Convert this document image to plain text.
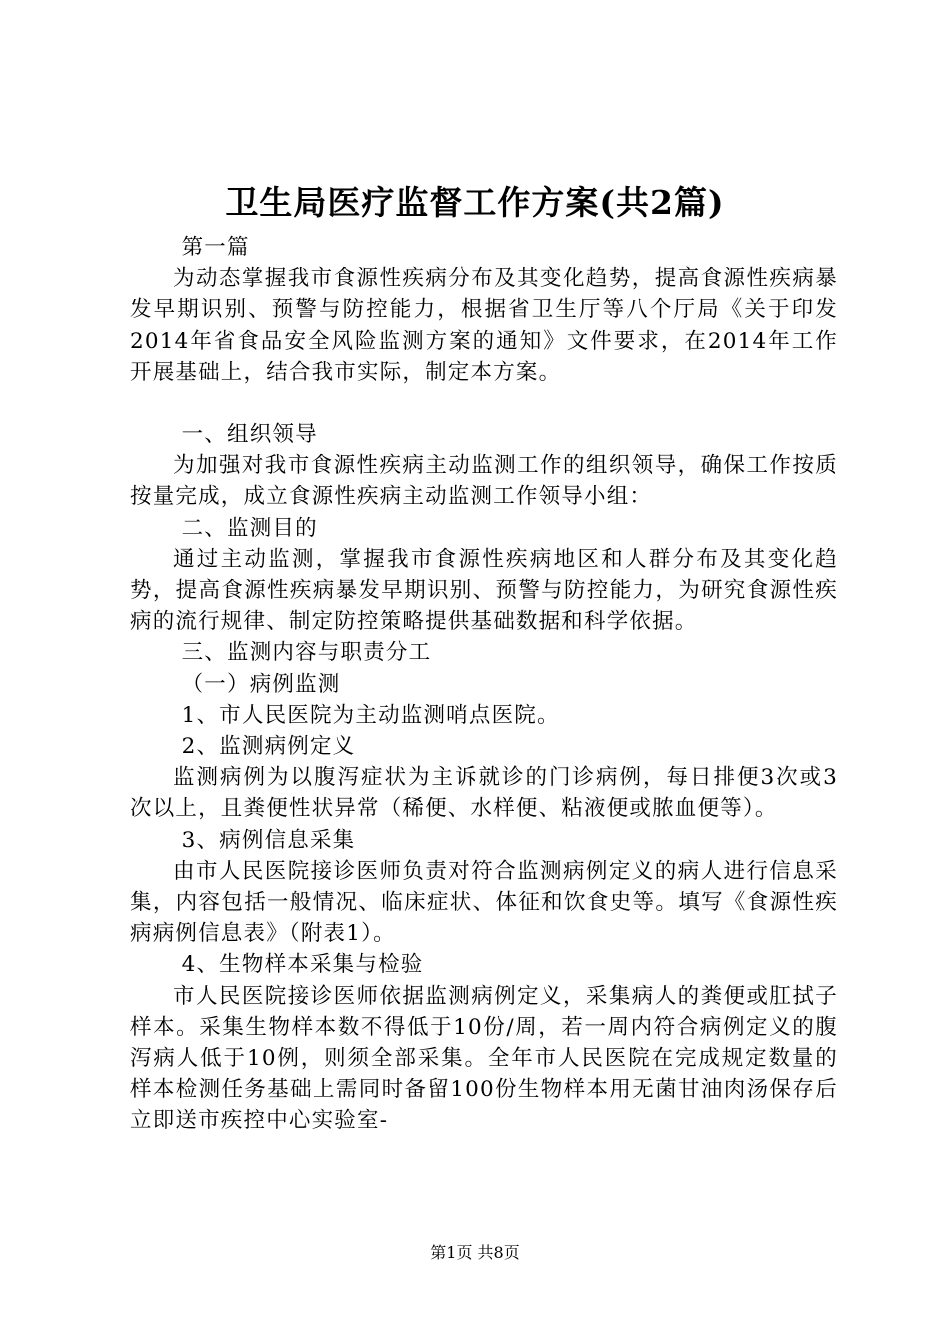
卫生局医疗监督工作方案(共2篇)

第一篇

为动态掌握我市食源性疾病分布及其变化趋势，提高食源性疾病暴发早期识别、预警与防控能力，根据省卫生厅等八个厅局《关于印发2014年省食品安全风险监测方案的通知》文件要求，在2014年工作开展基础上，结合我市实际，制定本方案。

一、组织领导

为加强对我市食源性疾病主动监测工作的组织领导，确保工作按质按量完成，成立食源性疾病主动监测工作领导小组：

二、监测目的

通过主动监测，掌握我市食源性疾病地区和人群分布及其变化趋势，提高食源性疾病暴发早期识别、预警与防控能力，为研究食源性疾病的流行规律、制定防控策略提供基础数据和科学依据。

三、监测内容与职责分工

（一）病例监测

1、市人民医院为主动监测哨点医院。

2、监测病例定义

监测病例为以腹泻症状为主诉就诊的门诊病例，每日排便3次或3次以上，且粪便性状异常（稀便、水样便、粘液便或脓血便等）。

3、病例信息采集

由市人民医院接诊医师负责对符合监测病例定义的病人进行信息采集，内容包括一般情况、临床症状、体征和饮食史等。填写《食源性疾病病例信息表》（附表1）。

4、生物样本采集与检验

市人民医院接诊医师依据监测病例定义，采集病人的粪便或肛拭子样本。采集生物样本数不得低于10份/周，若一周内符合病例定义的腹泻病人低于10例，则须全部采集。全年市人民医院在完成规定数量的样本检测任务基础上需同时备留100份生物样本用无菌甘油肉汤保存后立即送市疾控中心实验室-

第1页 共8页
